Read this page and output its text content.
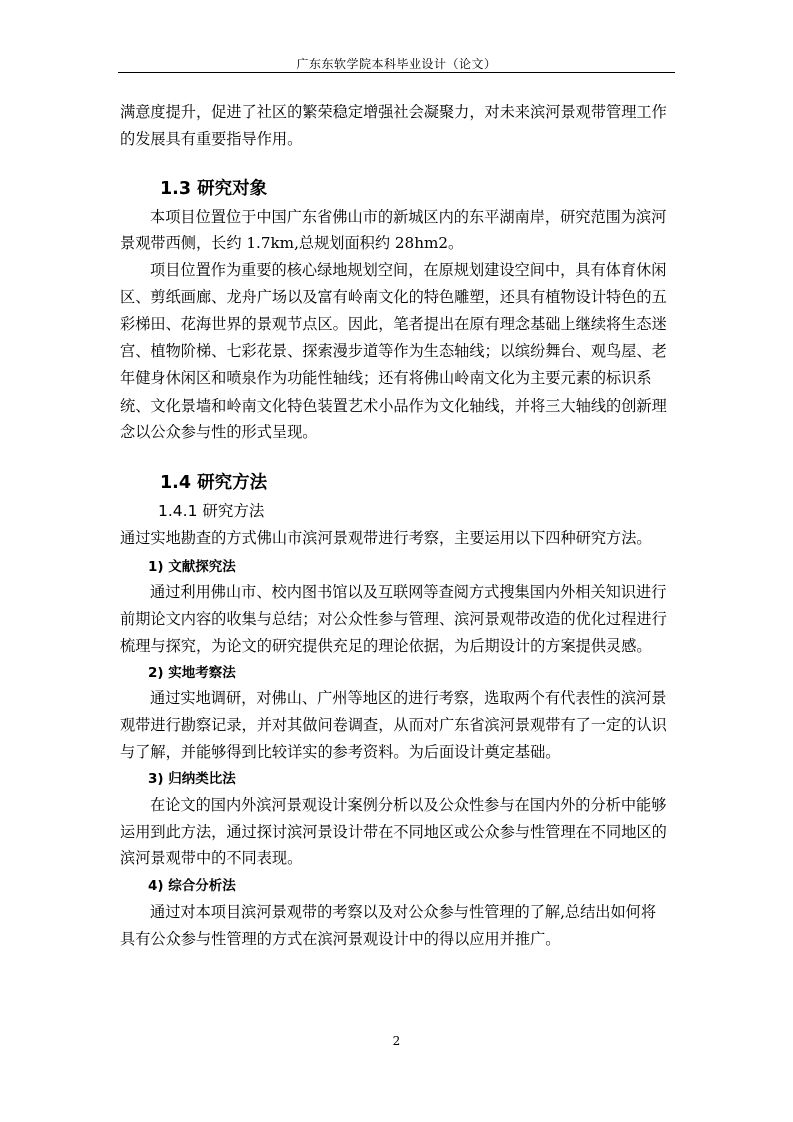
广东东软学院本科毕业设计（论文）
满意度提升，促进了社区的繁荣稳定增强社会凝聚力，对未来滨河景观带管理工作
的发展具有重要指导作用。
1.3 研究对象
本项目位置位于中国广东省佛山市的新城区内的东平湖南岸，研究范围为滨河
景观带西侧，长约 1.7km,总规划面积约 28hm2。
项目位置作为重要的核心绿地规划空间，在原规划建设空间中，具有体育休闲
区、剪纸画廊、龙舟广场以及富有岭南文化的特色雕塑，还具有植物设计特色的五
彩梯田、花海世界的景观节点区。因此，笔者提出在原有理念基础上继续将生态迷
宫、植物阶梯、七彩花景、探索漫步道等作为生态轴线；以缤纷舞台、观鸟屋、老
年健身休闲区和喷泉作为功能性轴线；还有将佛山岭南文化为主要元素的标识系
统、文化景墙和岭南文化特色装置艺术小品作为文化轴线，并将三大轴线的创新理
念以公众参与性的形式呈现。
1.4 研究方法
1.4.1 研究方法
通过实地勘查的方式佛山市滨河景观带进行考察，主要运用以下四种研究方法。
1) 文献探究法
通过利用佛山市、校内图书馆以及互联网等查阅方式搜集国内外相关知识进行
前期论文内容的收集与总结；对公众性参与管理、滨河景观带改造的优化过程进行
梳理与探究，为论文的研究提供充足的理论依据，为后期设计的方案提供灵感。
2) 实地考察法
通过实地调研，对佛山、广州等地区的进行考察，选取两个有代表性的滨河景
观带进行勘察记录，并对其做问卷调查，从而对广东省滨河景观带有了一定的认识
与了解，并能够得到比较详实的参考资料。为后面设计奠定基础。
3) 归纳类比法
在论文的国内外滨河景观设计案例分析以及公众性参与在国内外的分析中能够
运用到此方法，通过探讨滨河景设计带在不同地区或公众参与性管理在不同地区的
滨河景观带中的不同表现。
4) 综合分析法
通过对本项目滨河景观带的考察以及对公众参与性管理的了解,总结出如何将
具有公众参与性管理的方式在滨河景观设计中的得以应用并推广。
2
